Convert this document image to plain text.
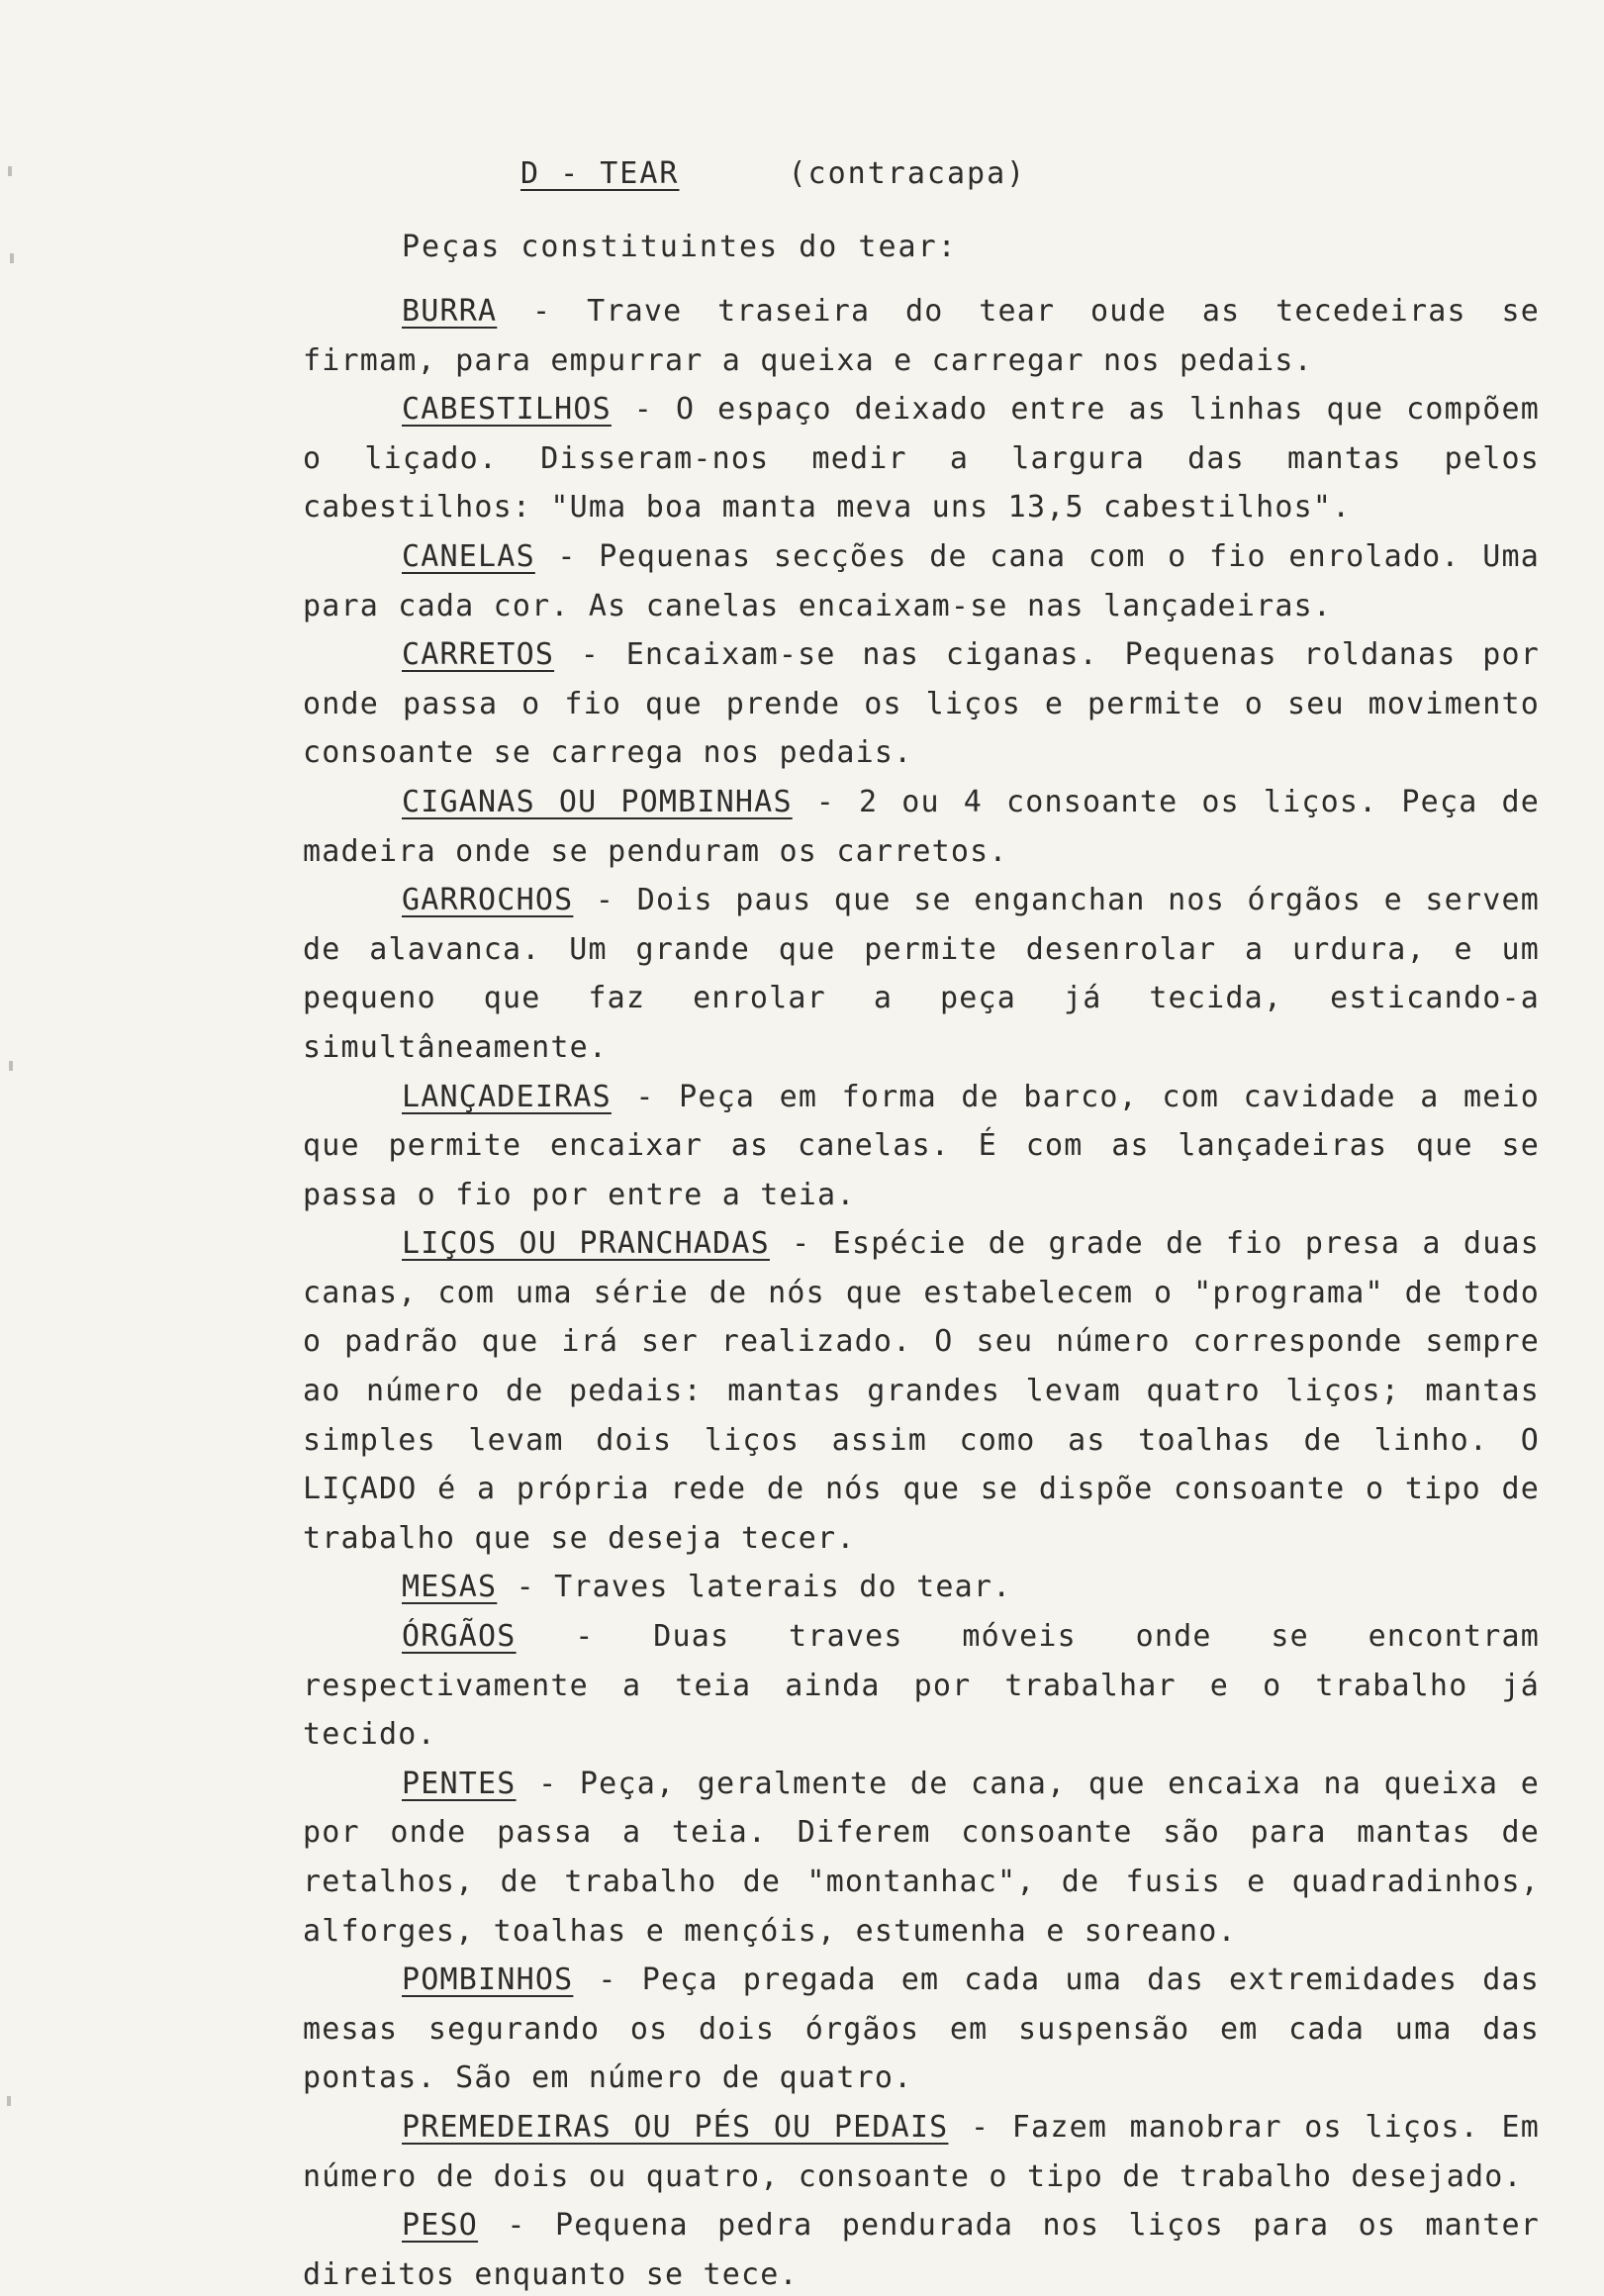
D - TEAR	(contracapa)
Peças constituintes do tear:

BURRA - Trave traseira do tear oude as tecedeiras se firmam, para empurrar a queixa e carregar nos pedais.

CABESTILHOS - O espaço deixado entre as linhas que compõem o liçado. Disseram-nos medir a largura das mantas pelos cabestilhos: "Uma boa manta meva uns 13,5 cabestilhos".

CANELAS - Pequenas secções de cana com o fio enrolado. Uma para cada cor. As canelas encaixam-se nas lançadeiras.

CARRETOS - Encaixam-se nas ciganas. Pequenas roldanas por onde passa o fio que prende os liços e permite o seu movimento consoante se carrega nos pedais.

CIGANAS OU POMBINHAS - 2 ou 4 consoante os liços. Peça de madeira onde se penduram os carretos.

GARROCHOS - Dois paus que se enganchan nos órgãos e servem de alavanca. Um grande que permite desenrolar a urdura, e um pequeno que faz enrolar a peça já tecida, esticando-a simultâneamente.

LANÇADEIRAS - Peça em forma de barco, com cavidade a meio que permite encaixar as canelas. É com as lançadeiras que se passa o fio por entre a teia.

LIÇOS OU PRANCHADAS - Espécie de grade de fio presa a duas canas, com uma série de nós que estabelecem o "programa" de todo o padrão que irá ser realizado. O seu número corresponde sempre ao número de pedais: mantas grandes levam quatro liços; mantas simples levam dois liços assim como as toalhas de linho. O LIÇADO é a própria rede de nós que se dispõe consoante o tipo de trabalho que se deseja tecer.

MESAS - Traves laterais do tear.

ÓRGÃOS - Duas traves móveis onde se encontram respectivamente a teia ainda por trabalhar e o trabalho já tecido.

PENTES - Peça, geralmente de cana, que encaixa na queixa e por onde passa a teia. Diferem consoante são para mantas de retalhos, de trabalho de "montanhac", de fusis e quadradinhos, alforges, toalhas e mençóis, estumenha e soreano.

POMBINHOS - Peça pregada em cada uma das extremidades das mesas segurando os dois órgãos em suspensão em cada uma das pontas. São em número de quatro.

PREMEDEIRAS OU PÉS OU PEDAIS - Fazem manobrar os liços. Em número de dois ou quatro, consoante o tipo de trabalho desejado.

PESO - Pequena pedra pendurada nos liços para os manter direitos enquanto se tece.
